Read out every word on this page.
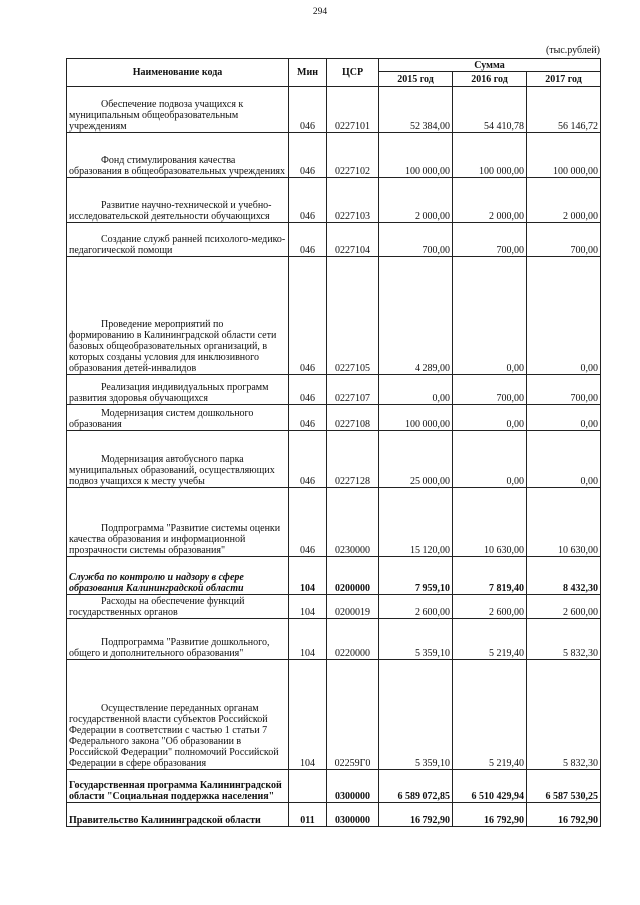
294
(тыс.рублей)
Наименование кода	Мин	ЦСР	Сумма		
			2015 год	2016 год	2017 год
Обеспечение подвоза учащихся к муниципальным общеобразовательным учреждениям	046	0227101	52 384,00	54 410,78	56 146,72
Фонд стимулирования качества образования в общеобразовательных учреждениях	046	0227102	100 000,00	100 000,00	100 000,00
Развитие научно-технической и учебно-исследовательской деятельности обучающихся	046	0227103	2 000,00	2 000,00	2 000,00
Создание служб ранней психолого-медико-педагогической помощи	046	0227104	700,00	700,00	700,00
Проведение мероприятий по формированию в Калининградской области сети базовых общеобразовательных организаций, в которых созданы условия для инклюзивного образования детей-инвалидов	046	0227105	4 289,00	0,00	0,00
Реализация индивидуальных программ развития здоровья обучающихся	046	0227107	0,00	700,00	700,00
Модернизация систем дошкольного образования	046	0227108	100 000,00	0,00	0,00
Модернизация автобусного парка муниципальных образований, осуществляющих подвоз учащихся к месту учебы	046	0227128	25 000,00	0,00	0,00
Подпрограмма "Развитие системы оценки качества образования и информационной прозрачности системы образования"	046	0230000	15 120,00	10 630,00	10 630,00
Служба по контролю и надзору в сфере образования Калининградской области	104	0200000	7 959,10	7 819,40	8 432,30
Расходы на обеспечение функций государственных органов	104	0200019	2 600,00	2 600,00	2 600,00
Подпрограмма "Развитие дошкольного, общего и дополнительного образования"	104	0220000	5 359,10	5 219,40	5 832,30
Осуществление переданных органам государственной власти субъектов Российской Федерации в соответствии с частью 1 статьи 7 Федерального закона "Об образовании в Российской Федерации" полномочий Российской Федерации в сфере образования	104	02259Г0	5 359,10	5 219,40	5 832,30
Государственная программа Калининградской области "Социальная поддержка населения"		0300000	6 589 072,85	6 510 429,94	6 587 530,25
Правительство Калининградской области	011	0300000	16 792,90	16 792,90	16 792,90
